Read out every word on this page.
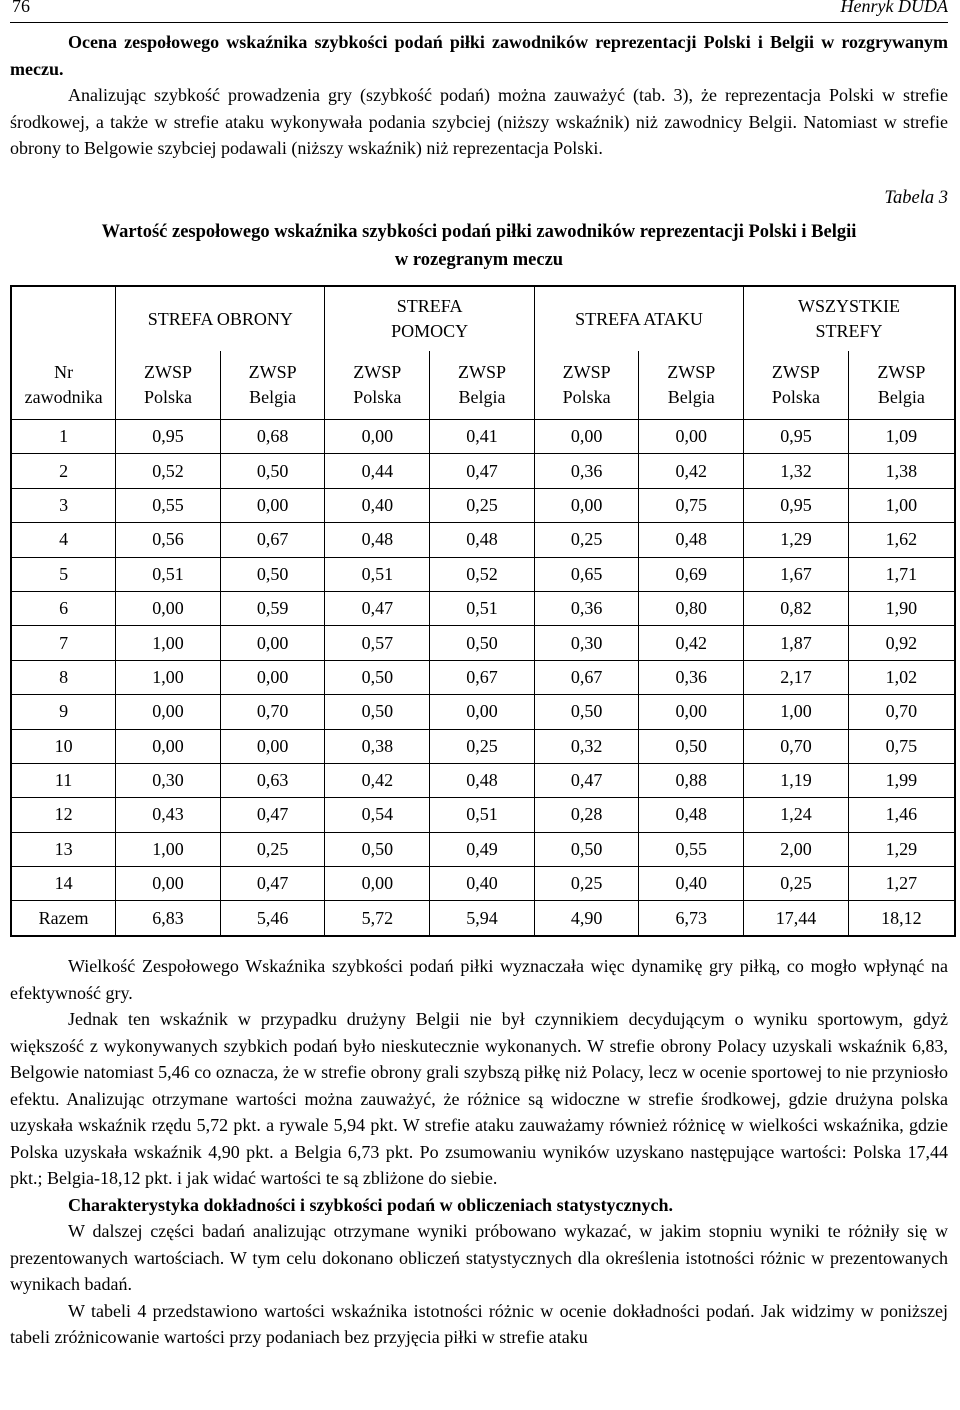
76	Henryk DUDA

Ocena zespołowego wskaźnika szybkości podań piłki zawodników reprezentacji Polski i Belgii w rozgrywanym meczu.

Analizując szybkość prowadzenia gry (szybkość podań) można zauważyć (tab. 3), że reprezentacja Polski w strefie środkowej, a także w strefie ataku wykonywała podania szybciej (niższy wskaźnik) niż zawodnicy Belgii. Natomiast w strefie obrony to Belgowie szybciej podawali (niższy wskaźnik) niż reprezentacja Polski.

Tabela 3
Wartość zespołowego wskaźnika szybkości podań piłki zawodników reprezentacji Polski i Belgii
w rozegranym meczu
	STREFA OBRONY		STREFA POMOCY		STREFA ATAKU		WSZYSTKIE STREFY	
Nr zawodnika	ZWSP Polska	ZWSP Belgia	ZWSP Polska	ZWSP Belgia	ZWSP Polska	ZWSP Belgia	ZWSP Polska	ZWSP Belgia
1	0,95	0,68	0,00	0,41	0,00	0,00	0,95	1,09
2	0,52	0,50	0,44	0,47	0,36	0,42	1,32	1,38
3	0,55	0,00	0,40	0,25	0,00	0,75	0,95	1,00
4	0,56	0,67	0,48	0,48	0,25	0,48	1,29	1,62
5	0,51	0,50	0,51	0,52	0,65	0,69	1,67	1,71
6	0,00	0,59	0,47	0,51	0,36	0,80	0,82	1,90
7	1,00	0,00	0,57	0,50	0,30	0,42	1,87	0,92
8	1,00	0,00	0,50	0,67	0,67	0,36	2,17	1,02
9	0,00	0,70	0,50	0,00	0,50	0,00	1,00	0,70
10	0,00	0,00	0,38	0,25	0,32	0,50	0,70	0,75
11	0,30	0,63	0,42	0,48	0,47	0,88	1,19	1,99
12	0,43	0,47	0,54	0,51	0,28	0,48	1,24	1,46
13	1,00	0,25	0,50	0,49	0,50	0,55	2,00	1,29
14	0,00	0,47	0,00	0,40	0,25	0,40	0,25	1,27
Razem	6,83	5,46	5,72	5,94	4,90	6,73	17,44	18,12

Wielkość Zespołowego Wskaźnika szybkości podań piłki wyznaczała więc dynamikę gry piłką, co mogło wpłynąć na efektywność gry.

Jednak ten wskaźnik w przypadku drużyny Belgii nie był czynnikiem decydującym o wyniku sportowym, gdyż większość z wykonywanych szybkich podań było nieskutecznie wykonanych. W strefie obrony Polacy uzyskali wskaźnik 6,83, Belgowie natomiast 5,46 co oznacza, że w strefie obrony grali szybszą piłkę niż Polacy, lecz w ocenie sportowej to nie przyniosło efektu. Analizując otrzymane wartości można zauważyć, że różnice są widoczne w strefie środkowej, gdzie drużyna polska uzyskała wskaźnik rzędu 5,72 pkt. a rywale 5,94 pkt. W strefie ataku zauważamy również różnicę w wielkości wskaźnika, gdzie Polska uzyskała wskaźnik 4,90 pkt. a Belgia 6,73 pkt. Po zsumowaniu wyników uzyskano następujące wartości: Polska 17,44 pkt.; Belgia-18,12 pkt. i jak widać wartości te są zbliżone do siebie.

Charakterystyka dokładności i szybkości podań w obliczeniach statystycznych.

W dalszej części badań analizując otrzymane wyniki próbowano wykazać, w jakim stopniu wyniki te różniły się w prezentowanych wartościach. W tym celu dokonano obliczeń statystycznych dla określenia istotności różnic w prezentowanych wynikach badań.

W tabeli 4 przedstawiono wartości wskaźnika istotności różnic w ocenie dokładności podań. Jak widzimy w poniższej tabeli zróżnicowanie wartości przy podaniach bez przyjęcia piłki w strefie ataku
